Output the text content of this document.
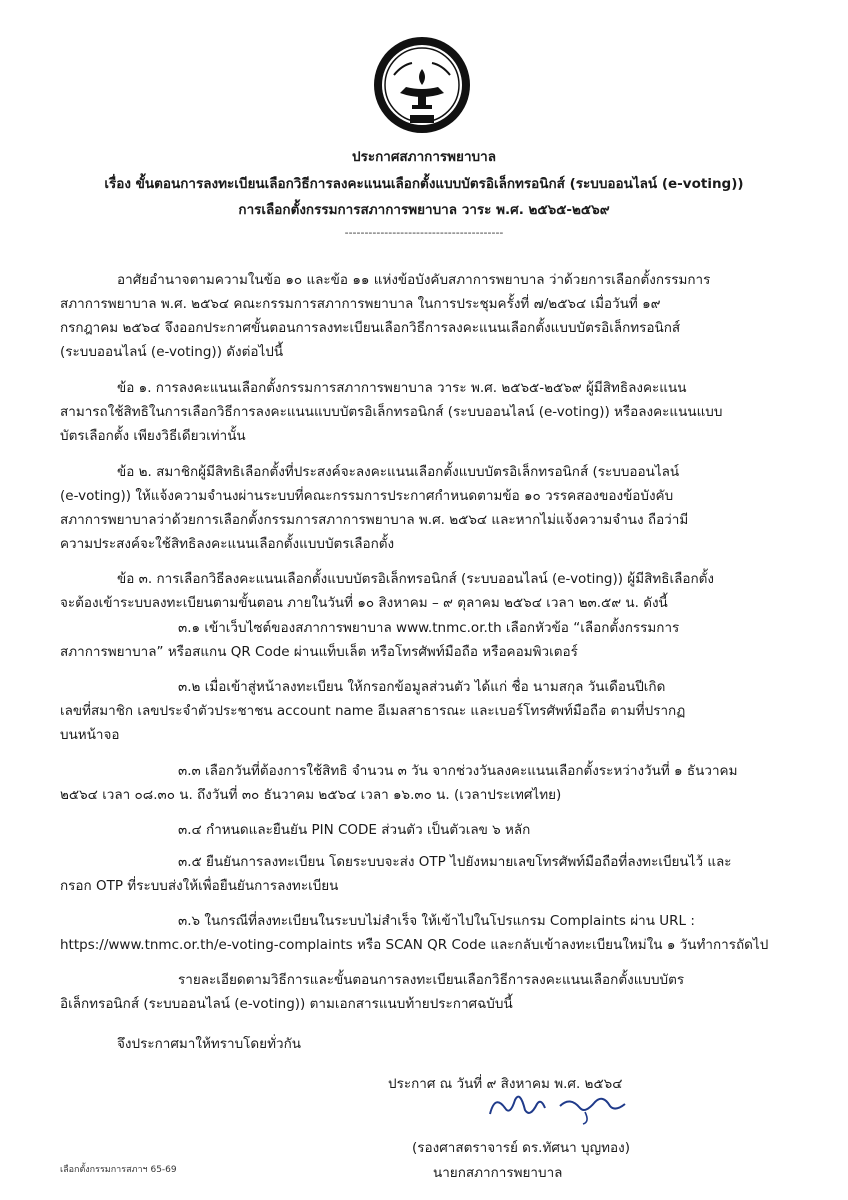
ประกาศสภาการพยาบาล
เรื่อง ขั้นตอนการลงทะเบียนเลือกวิธีการลงคะแนนเลือกตั้งแบบบัตรอิเล็กทรอนิกส์ (ระบบออนไลน์ (e-voting))
การเลือกตั้งกรรมการสภาการพยาบาล วาระ พ.ศ. ๒๕๖๕-๒๕๖๙
----------------------------------------
อาศัยอำนาจตามความในข้อ ๑๐ และข้อ ๑๑ แห่งข้อบังคับสภาการพยาบาล ว่าด้วยการเลือกตั้งกรรมการ
สภาการพยาบาล พ.ศ. ๒๕๖๔ คณะกรรมการสภาการพยาบาล ในการประชุมครั้งที่ ๗/๒๕๖๔ เมื่อวันที่ ๑๙
กรกฎาคม ๒๕๖๔ จึงออกประกาศขั้นตอนการลงทะเบียนเลือกวิธีการลงคะแนนเลือกตั้งแบบบัตรอิเล็กทรอนิกส์
(ระบบออนไลน์ (e-voting)) ดังต่อไปนี้
ข้อ ๑. การลงคะแนนเลือกตั้งกรรมการสภาการพยาบาล วาระ พ.ศ. ๒๕๖๕-๒๕๖๙ ผู้มีสิทธิลงคะแนน
สามารถใช้สิทธิในการเลือกวิธีการลงคะแนนแบบบัตรอิเล็กทรอนิกส์ (ระบบออนไลน์ (e-voting)) หรือลงคะแนนแบบ
บัตรเลือกตั้ง เพียงวิธีเดียวเท่านั้น
ข้อ ๒. สมาชิกผู้มีสิทธิเลือกตั้งที่ประสงค์จะลงคะแนนเลือกตั้งแบบบัตรอิเล็กทรอนิกส์ (ระบบออนไลน์
(e-voting)) ให้แจ้งความจำนงผ่านระบบที่คณะกรรมการประกาศกำหนดตามข้อ ๑๐ วรรคสองของข้อบังคับ
สภาการพยาบาลว่าด้วยการเลือกตั้งกรรมการสภาการพยาบาล พ.ศ. ๒๕๖๔ และหากไม่แจ้งความจำนง ถือว่ามี
ความประสงค์จะใช้สิทธิลงคะแนนเลือกตั้งแบบบัตรเลือกตั้ง
ข้อ ๓. การเลือกวิธีลงคะแนนเลือกตั้งแบบบัตรอิเล็กทรอนิกส์ (ระบบออนไลน์ (e-voting)) ผู้มีสิทธิเลือกตั้ง
จะต้องเข้าระบบลงทะเบียนตามขั้นตอน ภายในวันที่ ๑๐ สิงหาคม – ๙ ตุลาคม ๒๕๖๔ เวลา ๒๓.๕๙ น. ดังนี้
๓.๑ เข้าเว็บไซต์ของสภาการพยาบาล www.tnmc.or.th เลือกหัวข้อ “เลือกตั้งกรรมการ
สภาการพยาบาล” หรือสแกน QR Code ผ่านแท็บเล็ต หรือโทรศัพท์มือถือ หรือคอมพิวเตอร์
๓.๒ เมื่อเข้าสู่หน้าลงทะเบียน ให้กรอกข้อมูลส่วนตัว ได้แก่ ชื่อ นามสกุล วันเดือนปีเกิด
เลขที่สมาชิก เลขประจำตัวประชาชน account name อีเมลสาธารณะ และเบอร์โทรศัพท์มือถือ ตามที่ปรากฏ
บนหน้าจอ
๓.๓ เลือกวันที่ต้องการใช้สิทธิ จำนวน ๓ วัน จากช่วงวันลงคะแนนเลือกตั้งระหว่างวันที่ ๑ ธันวาคม
๒๕๖๔ เวลา ๐๘.๓๐ น. ถึงวันที่ ๓๐ ธันวาคม ๒๕๖๔ เวลา ๑๖.๓๐ น. (เวลาประเทศไทย)
๓.๔ กำหนดและยืนยัน PIN CODE ส่วนตัว เป็นตัวเลข ๖ หลัก
๓.๕ ยืนยันการลงทะเบียน โดยระบบจะส่ง OTP ไปยังหมายเลขโทรศัพท์มือถือที่ลงทะเบียนไว้ และ
กรอก OTP ที่ระบบส่งให้เพื่อยืนยันการลงทะเบียน
๓.๖ ในกรณีที่ลงทะเบียนในระบบไม่สำเร็จ ให้เข้าไปในโปรแกรม Complaints ผ่าน URL :
https://www.tnmc.or.th/e-voting-complaints หรือ SCAN QR Code และกลับเข้าลงทะเบียนใหม่ใน ๑ วันทำการถัดไป
รายละเอียดตามวิธีการและขั้นตอนการลงทะเบียนเลือกวิธีการลงคะแนนเลือกตั้งแบบบัตร
อิเล็กทรอนิกส์ (ระบบออนไลน์ (e-voting)) ตามเอกสารแนบท้ายประกาศฉบับนี้
จึงประกาศมาให้ทราบโดยทั่วกัน
ประกาศ ณ วันที่ ๙ สิงหาคม พ.ศ. ๒๕๖๔
(รองศาสตราจารย์ ดร.ทัศนา บุญทอง)
นายกสภาการพยาบาล
เลือกตั้งกรรมการสภาฯ 65-69
